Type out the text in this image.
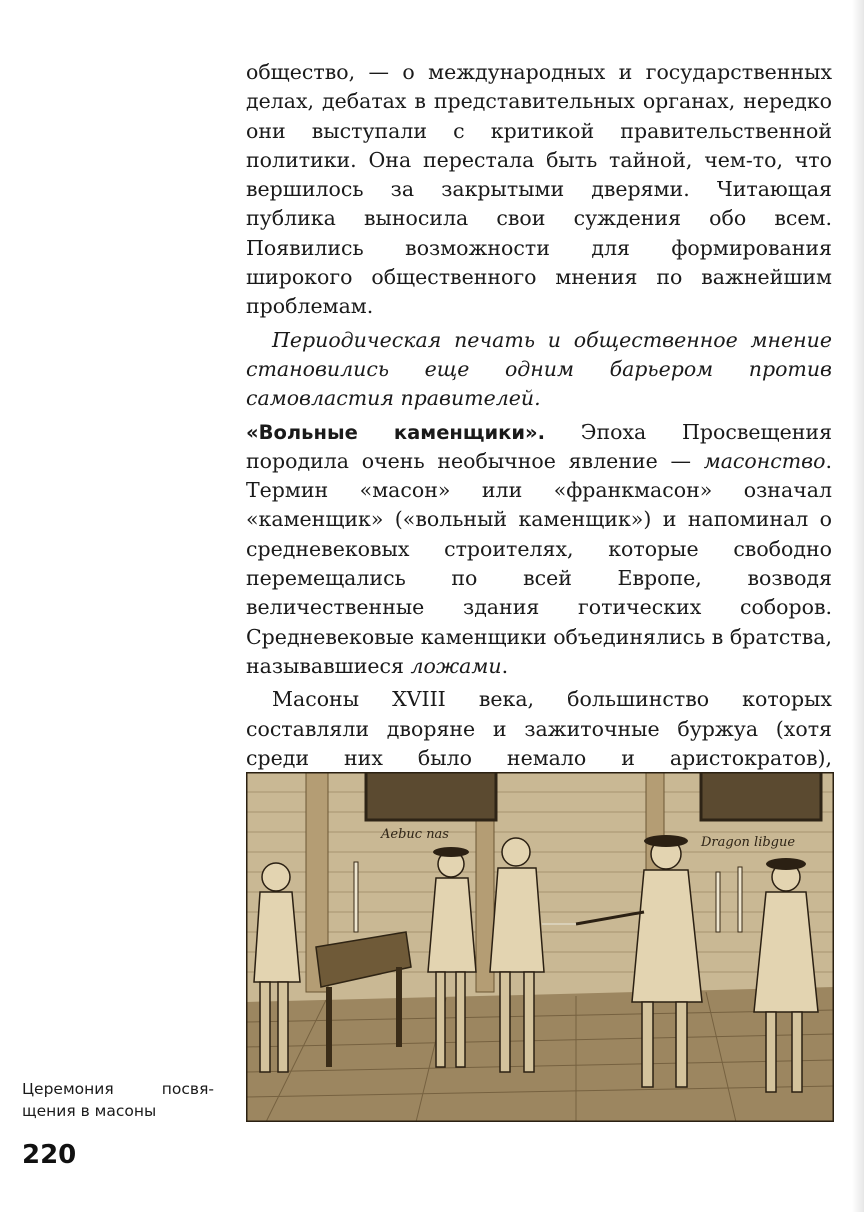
общество, — о международных и государственных делах, дебатах в представительных органах, нередко они выступали с критикой правительственной политики. Она перестала быть тайной, чем-то, что вершилось за закрытыми дверями. Читающая публика выносила свои суждения обо всем. Появились возможности для формирования широкого общественного мнения по важнейшим проблемам.

Периодическая печать и общественное мнение становились еще одним барьером против самовластия правителей.

«Вольные каменщики». Эпоха Просвещения породила очень необычное явление — масонство. Термин «масон» или «франкмасон» означал «каменщик» («вольный каменщик») и напоминал о средневековых строителях, которые свободно перемещались по всей Европе, возводя величественные здания готических соборов. Средневековые каменщики объединялись в братства, называвшиеся ложами.

Масоны XVIII века, большинство которых составляли дворяне и зажиточные буржуа (хотя среди них было немало и аристократов),

Aebuc nas
Dragon libgue
Церемония	посвя-
щения в масоны
220
